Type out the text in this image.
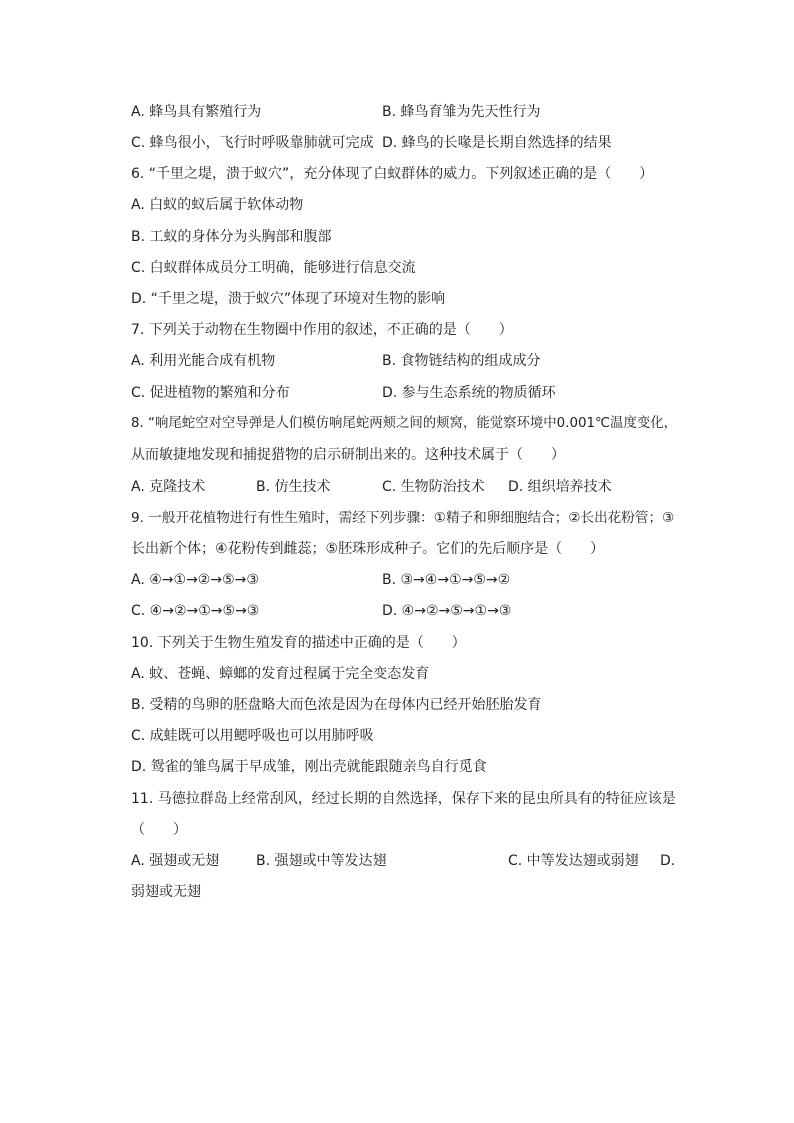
A. 蜂鸟具有繁殖行为	B. 蜂鸟育雏为先天性行为
C. 蜂鸟很小，飞行时呼吸靠肺就可完成 D. 蜂鸟的长喙是长期自然选择的结果
6. “千里之堤，溃于蚁穴”，充分体现了白蚁群体的威力。下列叙述正确的是（　　）
A. 白蚁的蚁后属于软体动物
B. 工蚁的身体分为头胸部和腹部
C. 白蚁群体成员分工明确，能够进行信息交流
D. “千里之堤，溃于蚁穴”体现了环境对生物的影响
7. 下列关于动物在生物圈中作用的叙述，不正确的是（　　）
A. 利用光能合成有机物	B. 食物链结构的组成成分
C. 促进植物的繁殖和分布	D. 参与生态系统的物质循环
8. “响尾蛇空对空导弹是人们模仿响尾蛇两颊之间的颊窝，能觉察环境中0.001℃温度变化，
从而敏捷地发现和捕捉猎物的启示研制出来的。这种技术属于（　　）
A. 克隆技术	B. 仿生技术	C. 生物防治技术 D. 组织培养技术
9. 一般开花植物进行有性生殖时，需经下列步骤：①精子和卵细胞结合；②长出花粉管；③
长出新个体；④花粉传到雌蕊；⑤胚珠形成种子。它们的先后顺序是（　　）
A. ④→①→②→⑤→③	B. ③→④→①→⑤→②
C. ④→②→①→⑤→③	D. ④→②→⑤→①→③
10. 下列关于生物生殖发育的描述中正确的是（　　）
A. 蚊、苍蝇、蟑螂的发育过程属于完全变态发育
B. 受精的鸟卵的胚盘略大而色浓是因为在母体内已经开始胚胎发育
C. 成蛙既可以用鳃呼吸也可以用肺呼吸
D. 鸳雀的雏鸟属于早成雏，刚出壳就能跟随亲鸟自行觅食
11. 马德拉群岛上经常刮风，经过长期的自然选择，保存下来的昆虫所具有的特征应该是
（　　）
A. 强翅或无翅	B. 强翅或中等发达翅	C. 中等发达翅或弱翅 D.
弱翅或无翅
